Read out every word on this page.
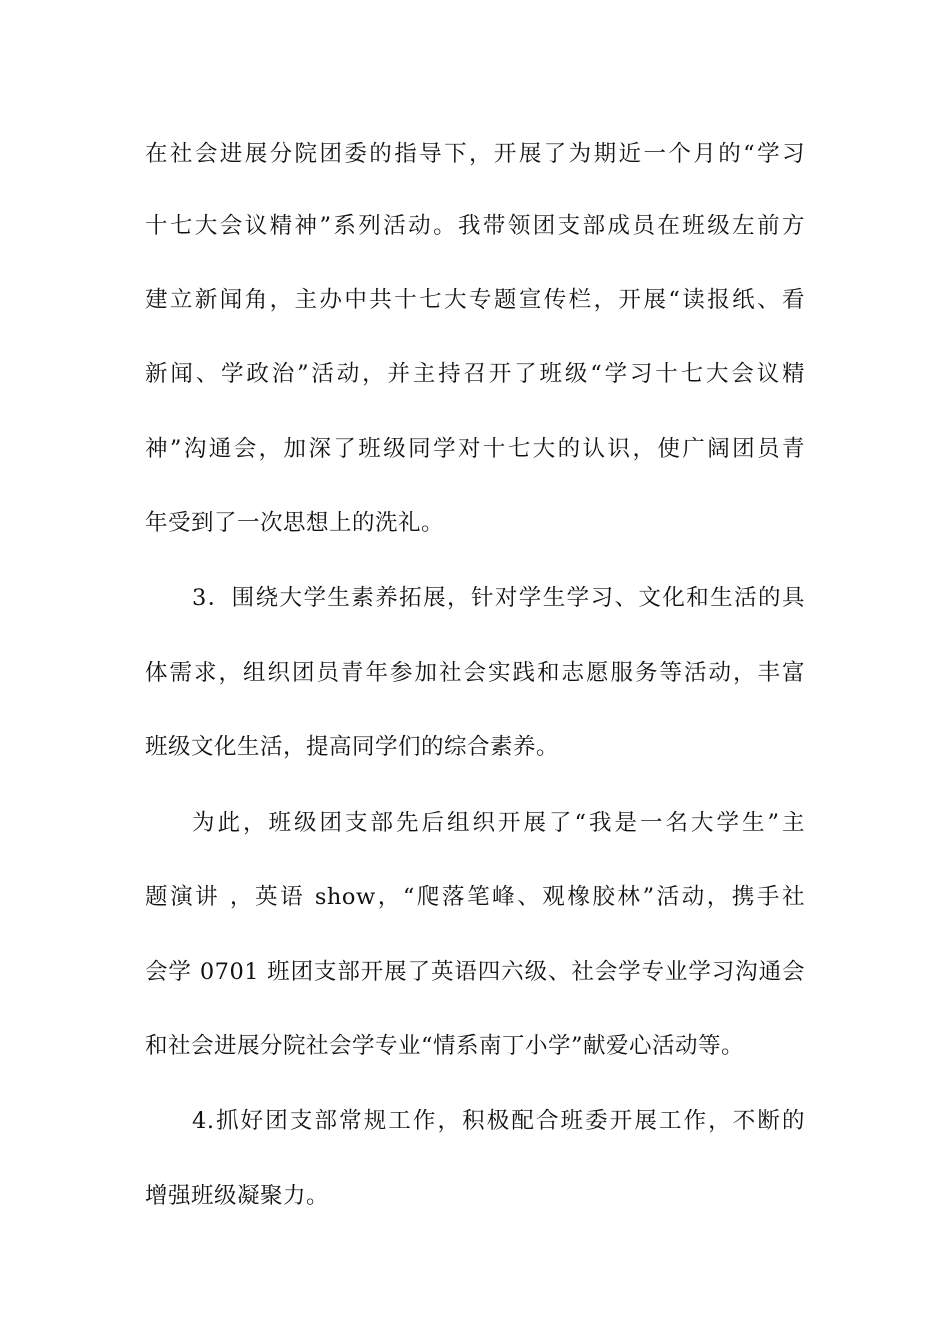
在社会进展分院团委的指导下，开展了为期近一个月的“学习
十七大会议精神”系列活动。我带领团支部成员在班级左前方
建立新闻角，主办中共十七大专题宣传栏，开展“读报纸、看
新闻、学政治”活动，并主持召开了班级“学习十七大会议精
神”沟通会，加深了班级同学对十七大的认识，使广阔团员青
年受到了一次思想上的洗礼。
3．围绕大学生素养拓展，针对学生学习、文化和生活的具
体需求，组织团员青年参加社会实践和志愿服务等活动，丰富
班级文化生活，提高同学们的综合素养。
为此，班级团支部先后组织开展了“我是一名大学生”主
题演讲 ，英语 show，“爬落笔峰、观橡胶林”活动，携手社
会学 0701 班团支部开展了英语四六级、社会学专业学习沟通会
和社会进展分院社会学专业“情系南丁小学”献爱心活动等。
4.抓好团支部常规工作，积极配合班委开展工作，不断的
增强班级凝聚力。
